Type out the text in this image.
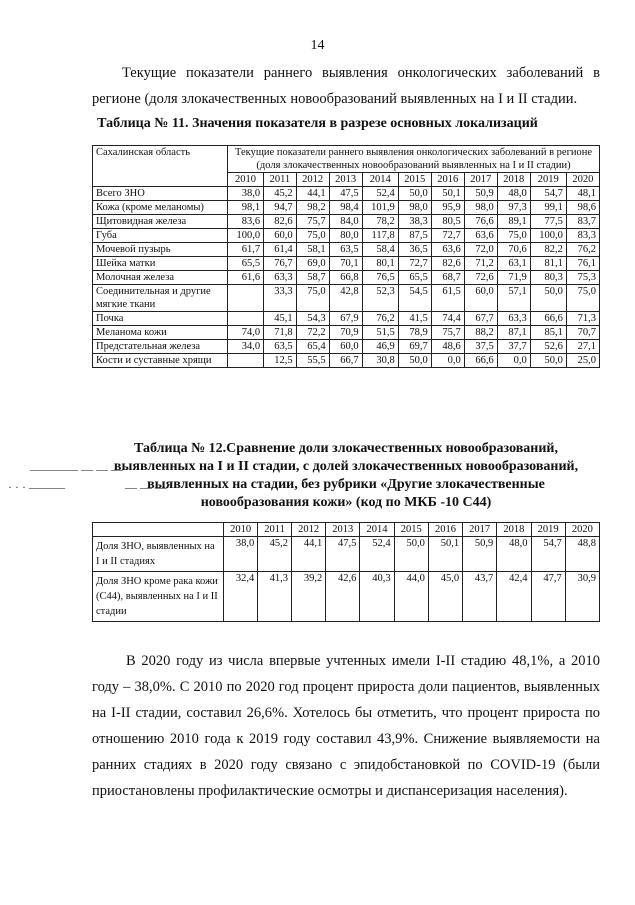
14
Текущие показатели раннего выявления онкологических заболеваний в
регионе (доля злокачественных новообразований выявленных на I и II стадии.
Таблица № 11. Значения показателя в разрезе основных локализаций
Сахалинская область	Текущие показатели раннего выявления онкологических заболеваний в регионе (доля злокачественных новообразований выявленных на I и II стадии)										
	2010	2011	2012	2013	2014	2015	2016	2017	2018	2019	2020
Всего ЗНО	38,0	45,2	44,1	47,5	52,4	50,0	50,1	50,9	48,0	54,7	48,1
Кожа (кроме меланомы)	98,1	94,7	98,2	98,4	101,9	98,0	95,9	98,0	97,3	99,1	98,6
Щитовидная железа	83,6	82,6	75,7	84,0	78,2	38,3	80,5	76,6	89,1	77,5	83,7
Губа	100,0	60,0	75,0	80,0	117,8	87,5	72,7	63,6	75,0	100,0	83,3
Мочевой пузырь	61,7	61,4	58,1	63,5	58,4	36,5	63,6	72,0	70,6	82,2	76,2
Шейка матки	65,5	76,7	69,0	70,1	80,1	72,7	82,6	71,2	63,1	81,1	76,1
Молочная железа	61,6	63,3	58,7	66,8	76,5	65,5	68,7	72,6	71,9	80,3	75,3
Соединительная и другие мягкие ткани		33,3	75,0	42,8	52,3	54,5	61,5	60,0	57,1	50,0	75,0
Почка		45,1	54,3	67,9	76,2	41,5	74,4	67,7	63,3	66,6	71,3
Меланома кожи	74,0	71,8	72,2	70,9	51,5	78,9	75,7	88,2	87,1	85,1	70,7
Предстательная железа	34,0	63,5	65,4	60,0	46,9	69,7	48,6	37,5	37,7	52,6	27,1
Кости и суставные хрящи		12,5	55,5	66,7	30,8	50,0	0,0	66,6	0,0	50,0	25,0
Таблица № 12.Сравнение доли злокачественных новообразований,
выявленных на I и II стадии, с долей злокачественных новообразований,
выявленных на стадии, без рубрики «Другие злокачественные
новообразования кожи» (код по МКБ -10 С44)
———— — — —
· · · ———                    — — —
	2010	2011	2012	2013	2014	2015	2016	2017	2018	2019	2020
Доля ЗНО, выявленных на I и II стадиях	38,0	45,2	44,1	47,5	52,4	50,0	50,1	50,9	48,0	54,7	48,8
Доля ЗНО кроме рака кожи (С44), выявленных на I и II стадии	32,4	41,3	39,2	42,6	40,3	44,0	45,0	43,7	42,4	47,7	30,9

В 2020 году из числа впервые учтенных имели I-II стадию 48,1%, а 2010 году – 38,0%. С 2010 по 2020 год процент прироста доли пациентов, выявленных на I-II стадии, составил 26,6%. Хотелось бы отметить, что процент прироста по отношению 2010 года к 2019 году составил 43,9%. Снижение выявляемости на ранних стадиях в 2020 году связано с эпидобстановкой по COVID-19 (были приостановлены профилактические осмотры и диспансеризация населения).
